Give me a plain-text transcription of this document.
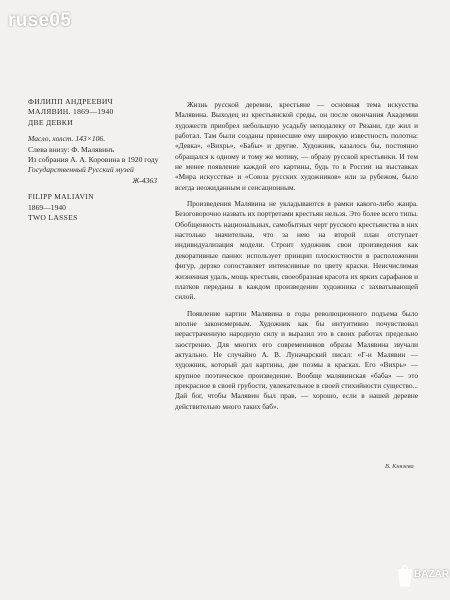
ruse05
ФИЛИПП АНДРЕЕВИЧ
МАЛЯВИН. 1869—1940
ДВЕ ДЕВКИ
Масло, холст. 143×106.
Слева внизу: Ф. Малявинъ
Из собрания А. А. Коровина в 1920 году
Государственный Русский музей
Ж-4363
FILIPP MALIAVIN
1869—1940
TWO LASSES

Жизнь русской деревни, крестьяне — основная тема искусства Малявина. Выходец из крестьянской среды, он после окончания Академии художеств приобрел небольшую усадьбу неподалеку от Рязани, где жил и работал. Там были созданы принесшие ему широкую известность полотна: «Девка», «Вихрь», «Бабы» и другие. Художник, казалось бы, постоянно обращался к одному и тому же мотиву, — образу русской крестьянки. И тем не менее появление каждой его картины, будь то в России на выставках «Мира искусства» и «Союза русских художников» или за рубежом, было всегда неожиданным и сенсационным.

Произведения Малявина не укладываются в рамки какого-либо жанра. Безоговорочно назвать их портретами крестьян нельзя. Это более всего типы. Обобщенность национальных, самобытных черт русского крестьянства в них настолько значительна, что за нею на второй план отступает индивидуализация модели. Строит художник свои произведения как декоративные панно: использует принцип плоскостности в расположении фигур, дерзко сопоставляет интенсивные по цвету краски. Неисчислимая жизненная удаль, мощь крестьян, своеобразная красота их ярких сарафанов и платков переданы в каждом произведении художника с захватывающей силой.

Появление картин Малявина в годы революционного подъема было вполне закономерным. Художник как бы интуитивно почувствовал нерастраченную народную силу и выразил это в своих работах предельно заостренно. Для многих его современников образы Малявина звучали актуально. Не случайно А. В. Луначарский писал: «Г-н Малявин — художник, который дал картины, две поэмы в красках. Его «Вихрь» — крупное поэтическое произведение. Вообще малявинская «баба» — это прекрасное в своей грубости, увлекательное в своей стихийности существо... Дай бог, чтобы Малявин был прав, — хорошо, если в нашей деревне действительно много таких баб».

В. Князева
BAZAR
